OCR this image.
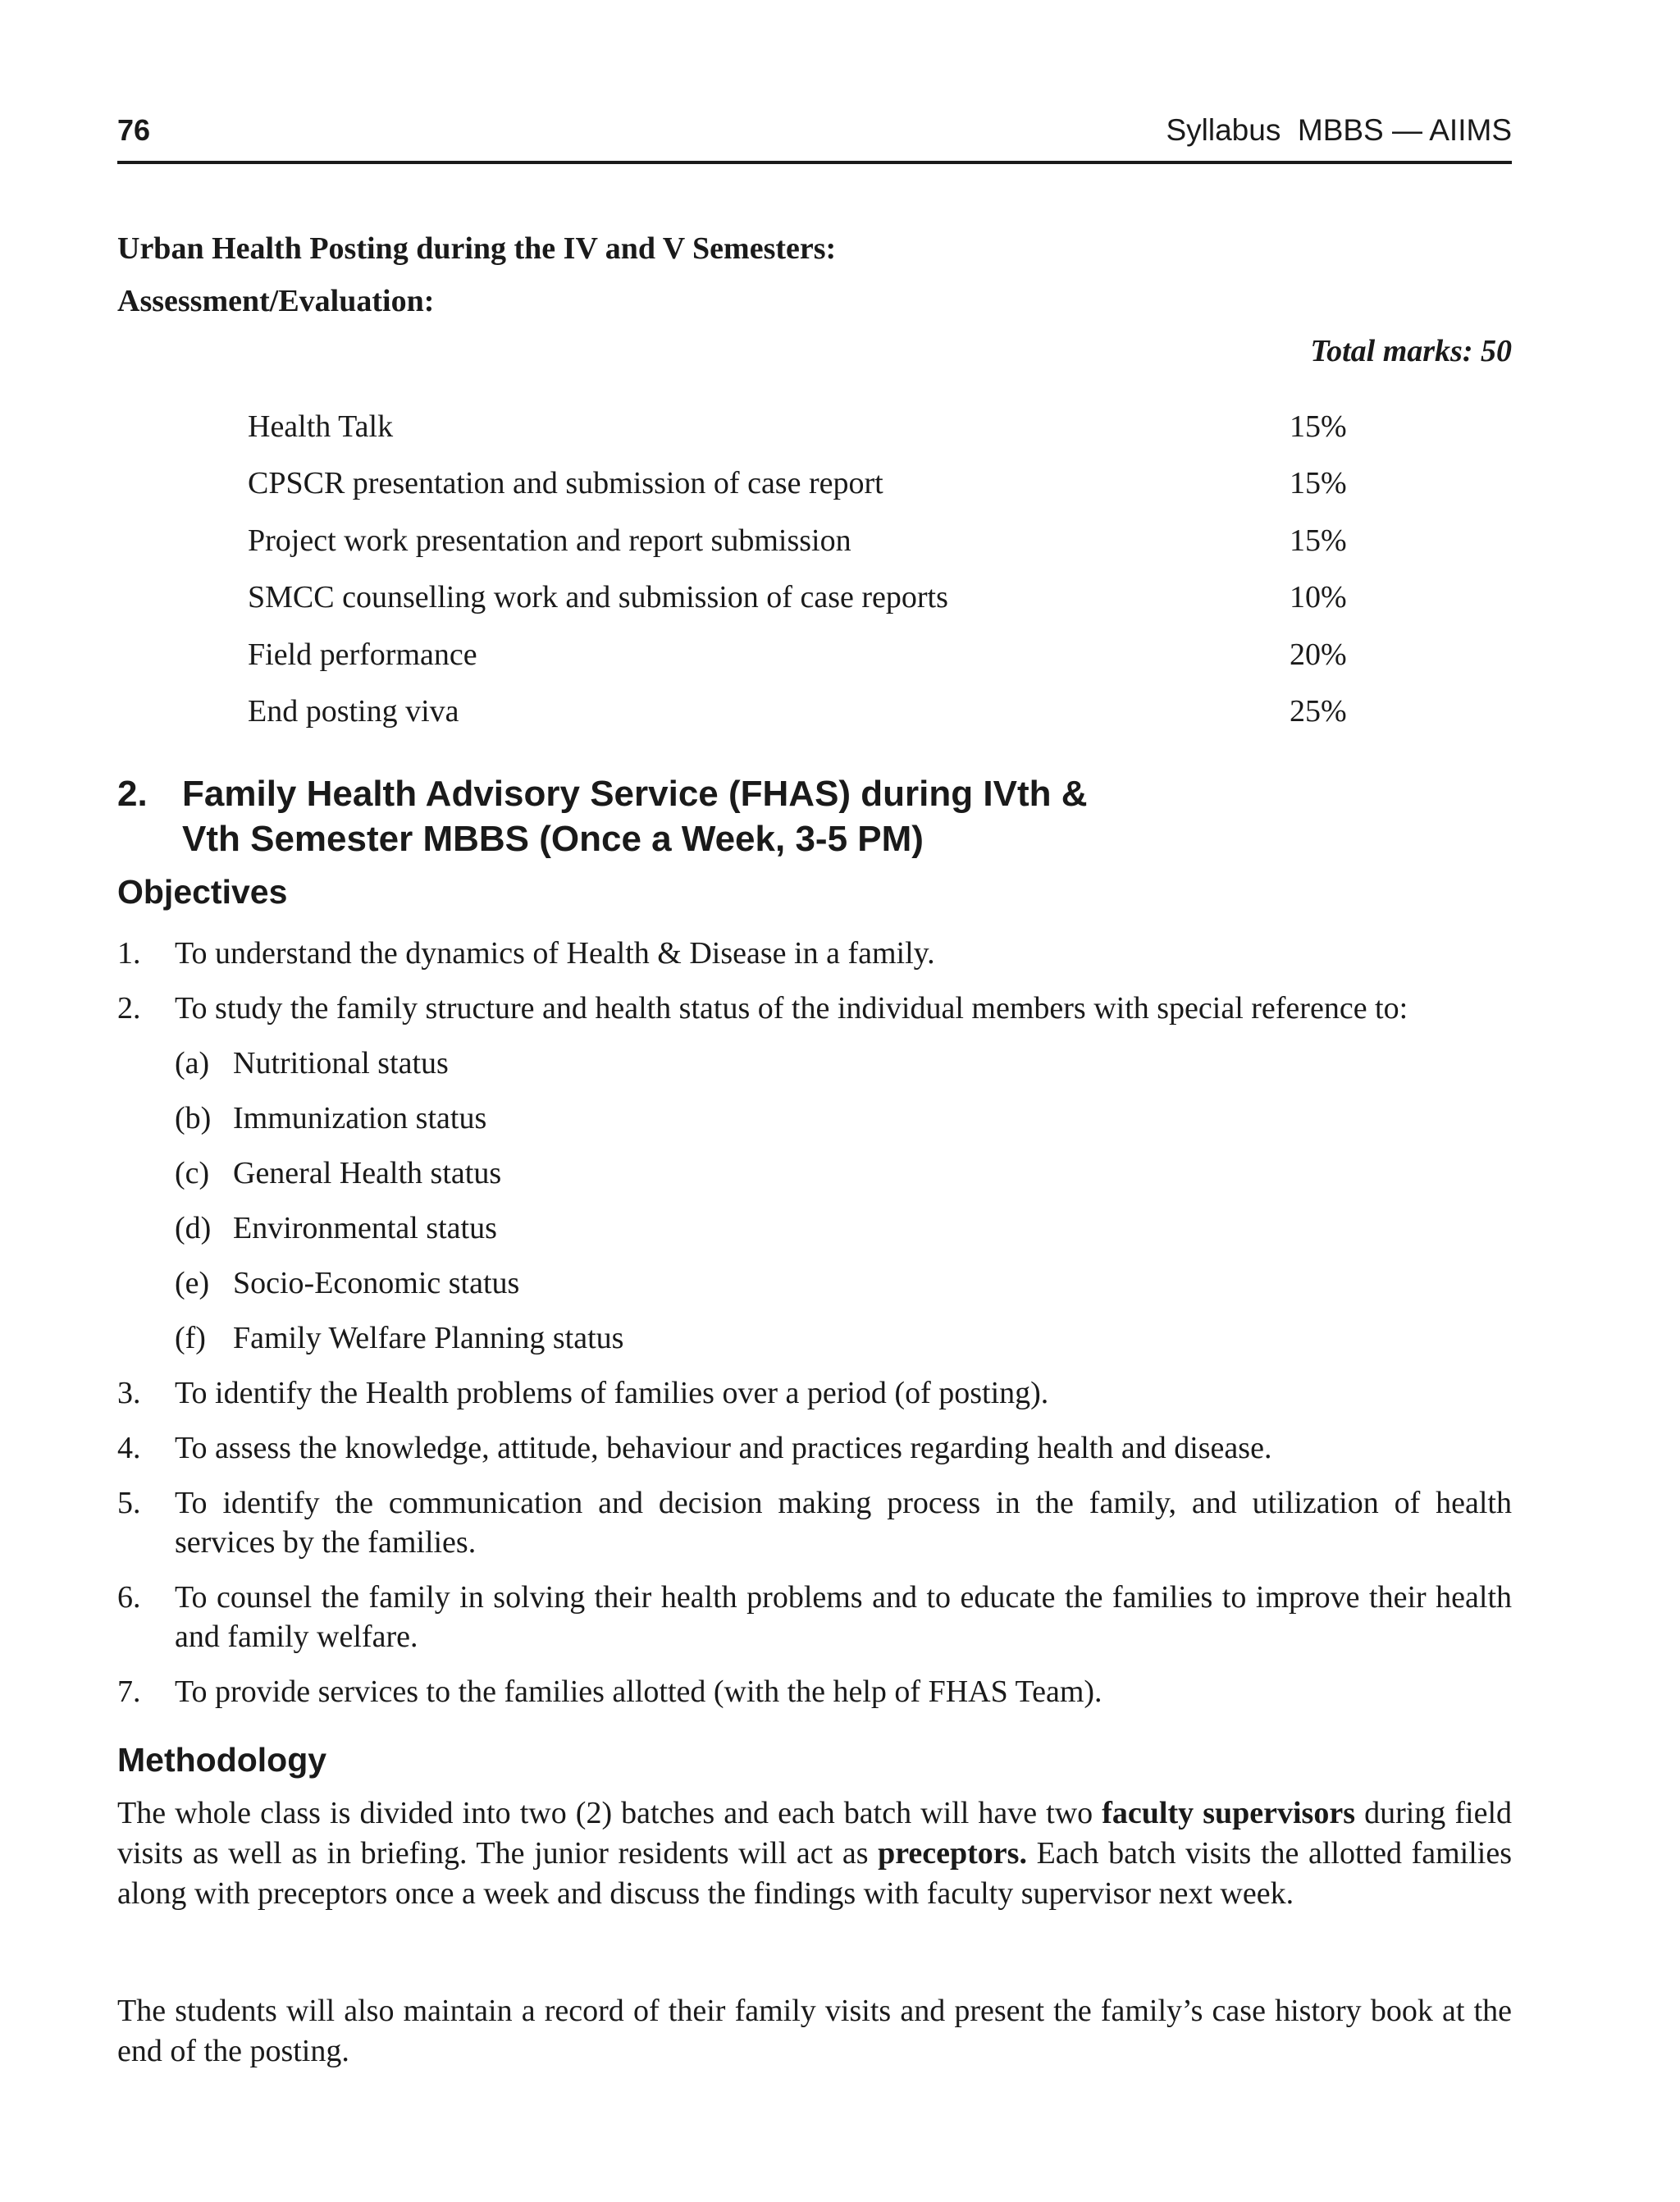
76	Syllabus  MBBS — AIIMS
Urban Health Posting during the IV and V Semesters:
Assessment/Evaluation:
Total marks: 50
Health Talk	15%
CPSCR presentation and submission of case report	15%
Project work presentation and report submission	15%
SMCC counselling work and submission of case reports	10%
Field performance	20%
End posting viva	25%
2. Family Health Advisory Service (FHAS) during IVth &
Vth Semester MBBS (Once a Week, 3-5 PM)
Objectives
1. To understand the dynamics of Health & Disease in a family.
2. To study the family structure and health status of the individual members with special reference to:
(a) Nutritional status
(b) Immunization status
(c) General Health status
(d) Environmental status
(e) Socio-Economic status
(f) Family Welfare Planning status
3. To identify the Health problems of families over a period (of posting).
4. To assess the knowledge, attitude, behaviour and practices regarding health and disease.
5. To identify the communication and decision making process in the family, and utilization of health services by the families.
6. To counsel the family in solving their health problems and to educate the families to improve their health and family welfare.
7. To provide services to the families allotted (with the help of FHAS Team).
Methodology
The whole class is divided into two (2) batches and each batch will have two faculty supervisors during field visits as well as in briefing. The junior residents will act as preceptors. Each batch visits the allotted families along with preceptors once a week and discuss the findings with faculty supervisor next week.
The students will also maintain a record of their family visits and present the family’s case history book at the end of the posting.
